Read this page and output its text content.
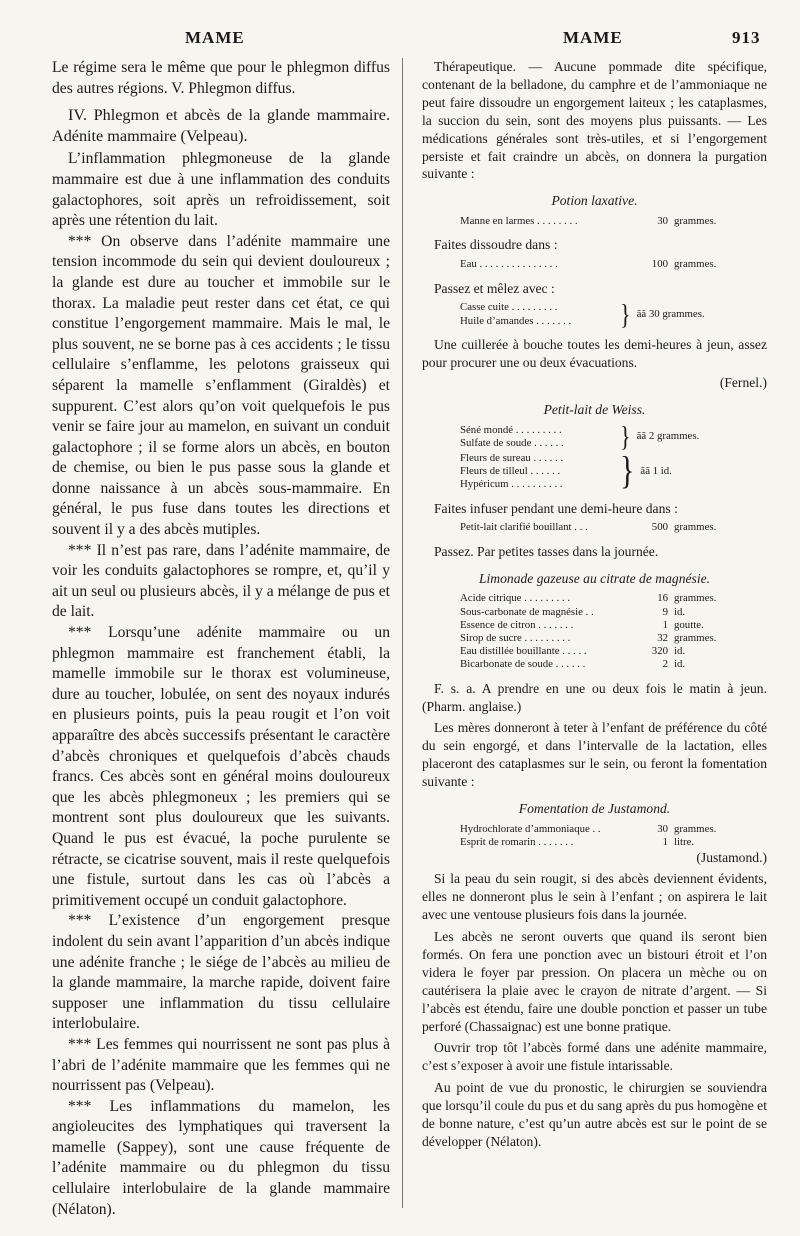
MAME	MAME	913

Le régime sera le même que pour le phlegmon diffus des autres régions. V. Phlegmon diffus.

IV. Phlegmon et abcès de la glande mammaire. Adénite mammaire (Velpeau).

L’inflammation phlegmoneuse de la glande mammaire est due à une inflammation des conduits galactophores, soit après un refroidissement, soit après une rétention du lait.

*** On observe dans l’adénite mammaire une tension incommode du sein qui devient douloureux ; la glande est dure au toucher et immobile sur le thorax. La maladie peut rester dans cet état, ce qui constitue l’engorgement mammaire. Mais le mal, le plus souvent, ne se borne pas à ces accidents ; le tissu cellulaire s’enflamme, les pelotons graisseux qui séparent la mamelle s’enflamment (Giraldès) et suppurent. C’est alors qu’on voit quelquefois le pus venir se faire jour au mamelon, en suivant un conduit galactophore ; il se forme alors un abcès, en bouton de chemise, ou bien le pus passe sous la glande et donne naissance à un abcès sous-mammaire. En général, le pus fuse dans toutes les directions et souvent il y a des abcès mutiples.

*** Il n’est pas rare, dans l’adénite mammaire, de voir les conduits galactophores se rompre, et, qu’il y ait un seul ou plusieurs abcès, il y a mélange de pus et de lait.

*** Lorsqu’une adénite mammaire ou un phlegmon mammaire est franchement établi, la mamelle immobile sur le thorax est volumineuse, dure au toucher, lobulée, on sent des noyaux indurés en plusieurs points, puis la peau rougit et l’on voit apparaître des abcès successifs présentant le caractère d’abcès chroniques et quelquefois d’abcès chauds francs. Ces abcès sont en général moins douloureux que les abcès phlegmoneux ; les premiers qui se montrent sont plus douloureux que les suivants. Quand le pus est évacué, la poche purulente se rétracte, se cicatrise souvent, mais il reste quelquefois une fistule, surtout dans les cas où l’abcès a primitivement occupé un conduit galactophore.

*** L’existence d’un engorgement presque indolent du sein avant l’apparition d’un abcès indique une adénite franche ; le siége de l’abcès au milieu de la glande mammaire, la marche rapide, doivent faire supposer une inflammation du tissu cellulaire interlobulaire.

*** Les femmes qui nourrissent ne sont pas plus à l’abri de l’adénite mammaire que les femmes qui ne nourrissent pas (Velpeau).

*** Les inflammations du mamelon, les angioleucites des lymphatiques qui traversent la mamelle (Sappey), sont une cause fréquente de l’adénite mammaire ou du phlegmon du tissu cellulaire interlobulaire de la glande mammaire (Nélaton).

Thérapeutique. — Aucune pommade dite spécifique, contenant de la belladone, du camphre et de l’ammoniaque ne peut faire dissoudre un engorgement laiteux ; les cataplasmes, la succion du sein, sont des moyens plus puissants. — Les médications générales sont très-utiles, et si l’engorgement persiste et fait craindre un abcès, on donnera la purgation suivante :

Potion laxative.
Manne en larmes . . . . . . . .	30 grammes.

Faites dissoudre dans :

Eau . . . . . . . . . . . . . . .	100 grammes.

Passez et mêlez avec :

Casse cuite . . . . . . . . .
Huile d’amandes . . . . . . .	} ãã 30 grammes.

Une cuillerée à bouche toutes les demi-heures à jeun, assez pour procurer une ou deux évacuations.

(Fernel.)
Petit-lait de Weiss.
Séné mondé . . . . . . . . .
Sulfate de soude . . . . . .	} ãã 2 grammes.
Fleurs de sureau . . . . . .
Fleurs de tilleul . . . . . .
Hypéricum . . . . . . . . . .	} ãã 1 id.

Faites infuser pendant une demi-heure dans :

Petit-lait clarifié bouillant . . .	500 grammes.

Passez. Par petites tasses dans la journée.

Limonade gazeuse au citrate de magnésie.
Acide citrique . . . . . . . . .	16 grammes.
Sous-carbonate de magnésie . .	9 id.
Essence de citron . . . . . . .	1 goutte.
Sirop de sucre . . . . . . . . .	32 grammes.
Eau distillée bouillante . . . . .	320 id.
Bicarbonate de soude . . . . . .	2 id.

F. s. a. A prendre en une ou deux fois le matin à jeun. (Pharm. anglaise.)

Les mères donneront à teter à l’enfant de préférence du côté du sein engorgé, et dans l’intervalle de la lactation, elles placeront des cataplasmes sur le sein, ou feront la fomentation suivante :

Fomentation de Justamond.
Hydrochlorate d’ammoniaque . .	30 grammes.
Esprit de romarin . . . . . . .	1 litre.
(Justamond.)

Si la peau du sein rougit, si des abcès deviennent évidents, elles ne donneront plus le sein à l’enfant ; on aspirera le lait avec une ventouse plusieurs fois dans la journée.

Les abcès ne seront ouverts que quand ils seront bien formés. On fera une ponction avec un bistouri étroit et l’on videra le foyer par pression. On placera un mèche ou on cautérisera la plaie avec le crayon de nitrate d’argent. — Si l’abcès est étendu, faire une double ponction et passer un tube perforé (Chassaignac) est une bonne pratique.

Ouvrir trop tôt l’abcès formé dans une adénite mammaire, c’est s’exposer à avoir une fistule intarissable.

Au point de vue du pronostic, le chirurgien se souviendra que lorsqu’il coule du pus et du sang après du pus homogène et de bonne nature, c’est qu’un autre abcès est sur le point de se développer (Nélaton).
